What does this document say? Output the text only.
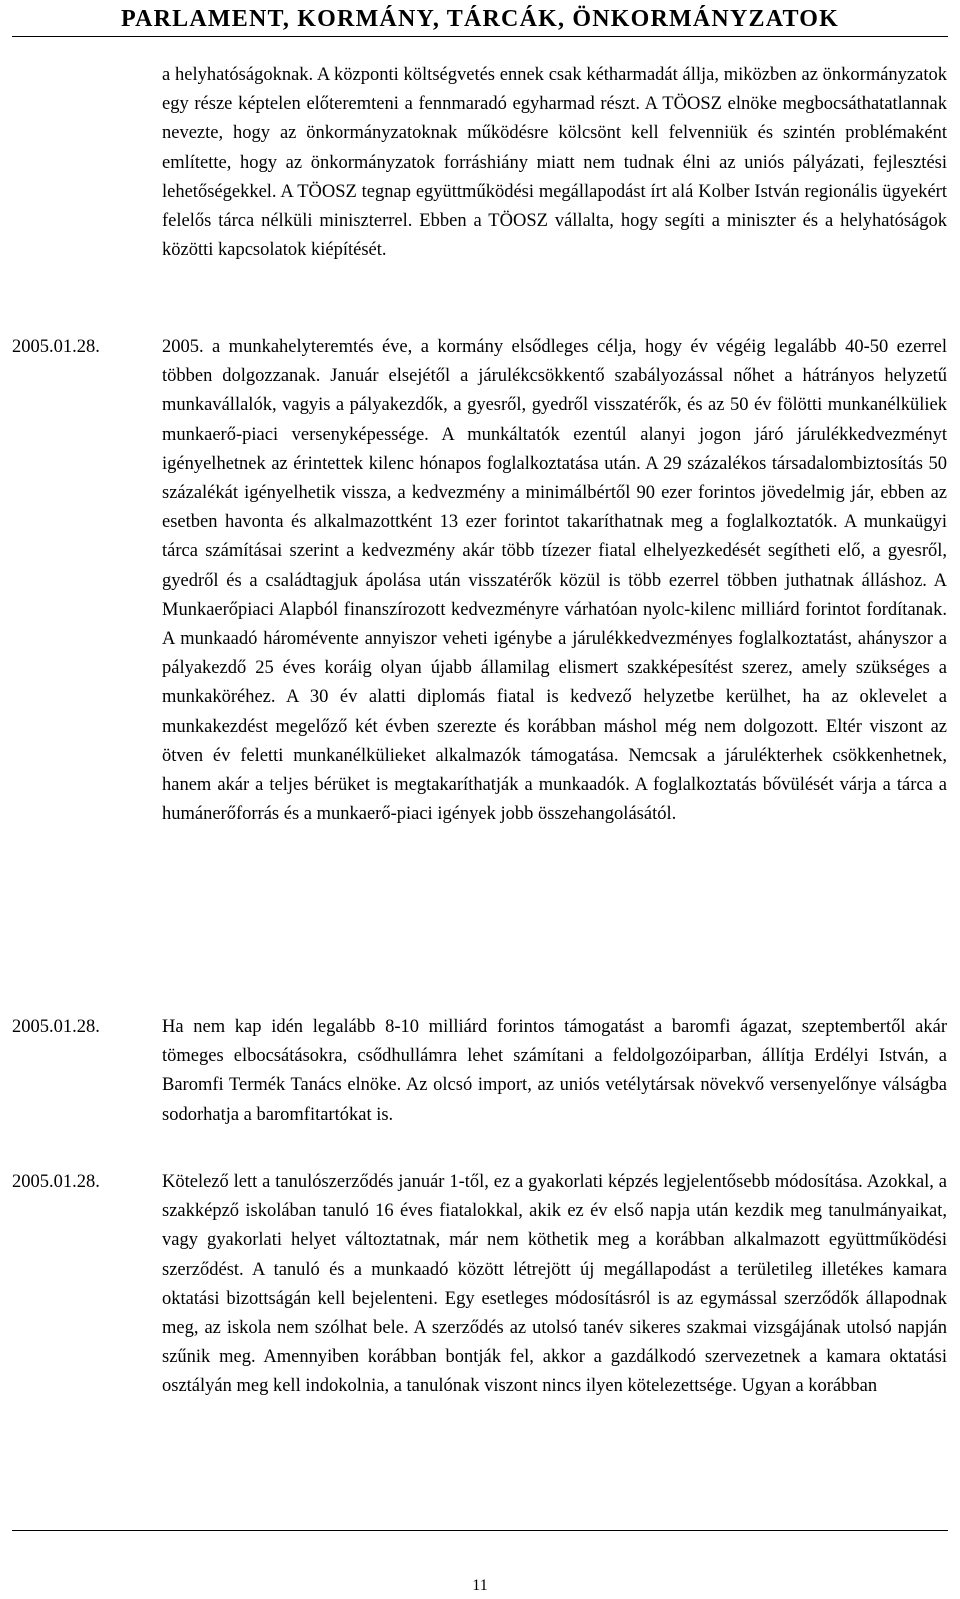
PARLAMENT, KORMÁNY, TÁRCÁK, ÖNKORMÁNYZATOK

a helyhatóságoknak. A központi költségvetés ennek csak kétharmadát állja, miközben az önkormányzatok egy része képtelen előteremteni a fennmaradó egyharmad részt. A TÖOSZ elnöke megbocsáthatatlannak nevezte, hogy az önkormányzatoknak működésre kölcsönt kell felvenniük és szintén problémaként említette, hogy az önkormányzatok forráshiány miatt nem tudnak élni az uniós pályázati, fejlesztési lehetőségekkel. A TÖOSZ tegnap együttműködési megállapodást írt alá Kolber István regionális ügyekért felelős tárca nélküli miniszterrel. Ebben a TÖOSZ vállalta, hogy segíti a miniszter és a helyhatóságok közötti kapcsolatok kiépítését.

2005.01.28.	2005. a munkahelyteremtés éve, a kormány elsődleges célja, hogy év végéig legalább 40-50 ezerrel többen dolgozzanak. Január elsejétől a járulékcsökkentő szabályozással nőhet a hátrányos helyzetű munkavállalók, vagyis a pályakezdők, a gyesről, gyedről visszatérők, és az 50 év fölötti munkanélküliek munkaerő-piaci versenyképessége. A munkáltatók ezentúl alanyi jogon járó járulékkedvezményt igényelhetnek az érintettek kilenc hónapos foglalkoztatása után. A 29 százalékos társadalombiztosítás 50 százalékát igényelhetik vissza, a kedvezmény a minimálbértől 90 ezer forintos jövedelmig jár, ebben az esetben havonta és alkalmazottként 13 ezer forintot takaríthatnak meg a foglalkoztatók. A munkaügyi tárca számításai szerint a kedvezmény akár több tízezer fiatal elhelyezkedését segítheti elő, a gyesről, gyedről és a családtagjuk ápolása után visszatérők közül is több ezerrel többen juthatnak álláshoz. A Munkaerőpiaci Alapból finanszírozott kedvezményre várhatóan nyolc-kilenc milliárd forintot fordítanak. A munkaadó háromévente annyiszor veheti igénybe a járulékkedvezményes foglalkoztatást, ahányszor a pályakezdő 25 éves koráig olyan újabb államilag elismert szakképesítést szerez, amely szükséges a munkaköréhez. A 30 év alatti diplomás fiatal is kedvező helyzetbe kerülhet, ha az oklevelet a munkakezdést megelőző két évben szerezte és korábban máshol még nem dolgozott. Eltér viszont az ötven év feletti munkanélkülieket alkalmazók támogatása. Nemcsak a járulékterhek csökkenhetnek, hanem akár a teljes bérüket is megtakaríthatják a munkaadók. A foglalkoztatás bővülését várja a tárca a humánerőforrás és a munkaerő-piaci igények jobb összehangolásától.

2005.01.28.	Ha nem kap idén legalább 8-10 milliárd forintos támogatást a baromfi ágazat, szeptembertől akár tömeges elbocsátásokra, csődhullámra lehet számítani a feldolgozóiparban, állítja Erdélyi István, a Baromfi Termék Tanács elnöke. Az olcsó import, az uniós vetélytársak növekvő versenyelőnye válságba sodorhatja a baromfitartókat is.

2005.01.28.	Kötelező lett a tanulószerződés január 1-től, ez a gyakorlati képzés legjelentősebb módosítása. Azokkal, a szakképző iskolában tanuló 16 éves fiatalokkal, akik ez év első napja után kezdik meg tanulmányaikat, vagy gyakorlati helyet változtatnak, már nem köthetik meg a korábban alkalmazott együttműködési szerződést. A tanuló és a munkaadó között létrejött új megállapodást a területileg illetékes kamara oktatási bizottságán kell bejelenteni. Egy esetleges módosításról is az egymással szerződők állapodnak meg, az iskola nem szólhat bele. A szerződés az utolsó tanév sikeres szakmai vizsgájának utolsó napján szűnik meg. Amennyiben korábban bontják fel, akkor a gazdálkodó szervezetnek a kamara oktatási osztályán meg kell indokolnia, a tanulónak viszont nincs ilyen kötelezettsége. Ugyan a korábban

11
